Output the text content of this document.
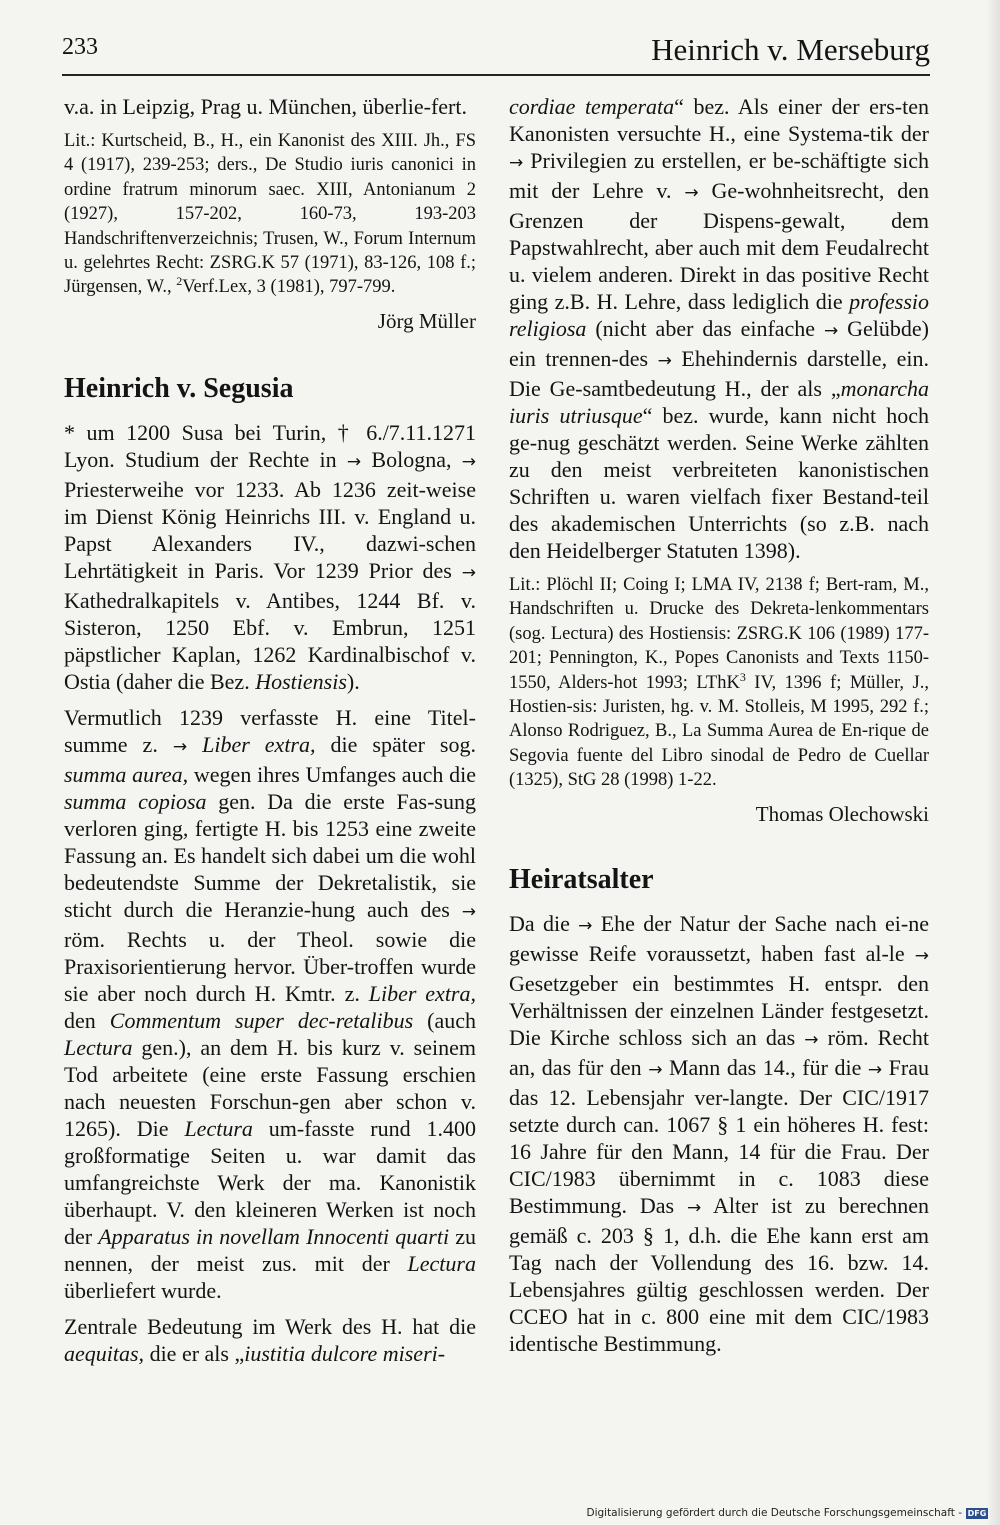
233	Heinrich v. Merseburg

v.a. in Leipzig, Prag u. München, überlie-fert.

Lit.: Kurtscheid, B., H., ein Kanonist des XIII. Jh., FS 4 (1917), 239-253; ders., De Studio iuris canonici in ordine fratrum minorum saec. XIII, Antonianum 2 (1927), 157-202, 160-73, 193-203 Handschriftenverzeichnis; Trusen, W., Forum Internum u. gelehrtes Recht: ZSRG.K 57 (1971), 83-126, 108 f.; Jürgensen, W., $^2$Verf.Lex, 3 (1981), 797-799.

Jörg Müller

Heinrich v. Segusia

* um 1200 Susa bei Turin, † 6./7.11.1271 Lyon. Studium der Rechte in → Bologna, → Priesterweihe vor 1233. Ab 1236 zeit-weise im Dienst König Heinrichs III. v. England u. Papst Alexanders IV., dazwi-schen Lehrtätigkeit in Paris. Vor 1239 Prior des → Kathedralkapitels v. Antibes, 1244 Bf. v. Sisteron, 1250 Ebf. v. Embrun, 1251 päpstlicher Kaplan, 1262 Kardinalbischof v. Ostia (daher die Bez. Hostiensis).

Vermutlich 1239 verfasste H. eine Titel-summe z. → Liber extra, die später sog. summa aurea, wegen ihres Umfanges auch die summa copiosa gen. Da die erste Fas-sung verloren ging, fertigte H. bis 1253 eine zweite Fassung an. Es handelt sich dabei um die wohl bedeutendste Summe der Dekretalistik, sie sticht durch die Heranzie-hung auch des → röm. Rechts u. der Theol. sowie die Praxisorientierung hervor. Über-troffen wurde sie aber noch durch H. Kmtr. z. Liber extra, den Commentum super dec-retalibus (auch Lectura gen.), an dem H. bis kurz v. seinem Tod arbeitete (eine erste Fassung erschien nach neuesten Forschun-gen aber schon v. 1265). Die Lectura um-fasste rund 1.400 großformatige Seiten u. war damit das umfangreichste Werk der ma. Kanonistik überhaupt. V. den kleineren Werken ist noch der Apparatus in novellam Innocenti quarti zu nennen, der meist zus. mit der Lectura überliefert wurde.

Zentrale Bedeutung im Werk des H. hat die aequitas, die er als „iustitia dulcore miseri-

cordiae temperata“ bez. Als einer der ers-ten Kanonisten versuchte H., eine Systema-tik der → Privilegien zu erstellen, er be-schäftigte sich mit der Lehre v. → Ge-wohnheitsrecht, den Grenzen der Dispens-gewalt, dem Papstwahlrecht, aber auch mit dem Feudalrecht u. vielem anderen. Direkt in das positive Recht ging z.B. H. Lehre, dass lediglich die professio religiosa (nicht aber das einfache → Gelübde) ein trennen-des → Ehehindernis darstelle, ein. Die Ge-samtbedeutung H., der als „monarcha iuris utriusque“ bez. wurde, kann nicht hoch ge-nug geschätzt werden. Seine Werke zählten zu den meist verbreiteten kanonistischen Schriften u. waren vielfach fixer Bestand-teil des akademischen Unterrichts (so z.B. nach den Heidelberger Statuten 1398).

Lit.: Plöchl II; Coing I; LMA IV, 2138 f; Bert-ram, M., Handschriften u. Drucke des Dekreta-lenkommentars (sog. Lectura) des Hostiensis: ZSRG.K 106 (1989) 177-201; Pennington, K., Popes Canonists and Texts 1150-1550, Alders-hot 1993; LThK$^3$ IV, 1396 f; Müller, J., Hostien-sis: Juristen, hg. v. M. Stolleis, M 1995, 292 f.; Alonso Rodriguez, B., La Summa Aurea de En-rique de Segovia fuente del Libro sinodal de Pedro de Cuellar (1325), StG 28 (1998) 1-22.

Thomas Olechowski

Heiratsalter

Da die → Ehe der Natur der Sache nach ei-ne gewisse Reife voraussetzt, haben fast al-le → Gesetzgeber ein bestimmtes H. entspr. den Verhältnissen der einzelnen Länder festgesetzt. Die Kirche schloss sich an das → röm. Recht an, das für den → Mann das 14., für die → Frau das 12. Lebensjahr ver-langte. Der CIC/1917 setzte durch can. 1067 § 1 ein höheres H. fest: 16 Jahre für den Mann, 14 für die Frau. Der CIC/1983 übernimmt in c. 1083 diese Bestimmung. Das → Alter ist zu berechnen gemäß c. 203 § 1, d.h. die Ehe kann erst am Tag nach der Vollendung des 16. bzw. 14. Lebensjahres gültig geschlossen werden. Der CCEO hat in c. 800 eine mit dem CIC/1983 identische Bestimmung.

Digitalisierung gefördert durch die Deutsche Forschungsgemeinschaft - DFG
